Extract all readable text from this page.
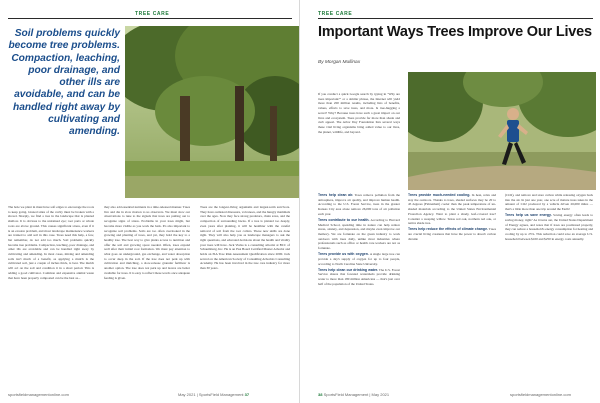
TREE CARE
Soil problems quickly become tree problems. Compaction, leaching, poor drainage, and other ills are avoidable, and can be handled right away by cultivating and amending.

The hole we plant in must have soft edges to encourage the roots to keep going. Glazed sides of the cavity must be broken with a shovel. Sharply, we find a tree in the landscape that is planted shallow. It is obvious to the untrained eye; root parts or whole roots are above ground. This causes significant stress, even if it is an erosion problem, and most landscape maintenance workers are trained to add soil in this case. Trees need this help, a few, but remember, do not add too much. Soil problems quickly become tree problems. Compaction, leaching, poor drainage, and other ills are avoidable and can be handled right away by cultivating and amending. In most cases, mixing and amending soils isn't much of a benefit, as applying a mulch is the cultivated soil, just a couple of inches thick, is best. The mulch will act on the soil and condition it in a short period. This is adding a good cultivator. Common and expensive animal waste that have been properly composted can be the best as...

they also add essential nutrients in a time-released manner. Trees live and die in slow motion to us observers. We must slow our observations to tune to the signals that trees are putting out to recognize signs of stress. Problems in your trees might, but become more visible as you work the bark. It's also important to recognize soil problems. Soils are too often overlooked in the growing and planting of trees, and yet, they hold the key to a healthy tree. The best way to give plants access to nutrition and offer the soil and growing space needed. Often, trees expand well after their initial root formation. We must pay attention to what goes on underground, gas exchange, and water absorption to occur deep in the soil. If the tree does not perk up with cultivation and mulching, a slow-release granular fertilizer is another option. The tree does not perk up and leaves are better available for trees. It is easy to reflect these words once adequate feeding is given.

Trees are the longest-living organisms and largest-term survivors. They have outlasted dinosaurs, volcanoes, and the hungry mammals over the ages. Now they face strong predators, chain saws, and the compaction of surrounding lawns. If a tree is planted too deeply, even years after planting, it will be healthier with the careful removal of soil from the root collars. These new skills are done right. They will also help you as landscape managers to ask the right questions, and educated decisions about the health and vitality your trees will have. Jack Vialas is a consulting arborist at BCC of Schaumburg, Inc. He is an ISA Board Certified Master Arborist and holds an ISA Tree Risk Assessment Qualification since 2000. Jack served on the American Society of Consulting Arborists Consulting Academy. He has been involved in the tree care industry for more than 30 years.

sportsfieldmanagementonline.com	May 2021 | SportsField Management 37
TREE CARE
Important Ways Trees Improve Our Lives
By Morgan Mullinax

If you conduct a quick Google search by typing in "Why are trees important?" or a similar phrase, the Internet will yield more than 200 million results, including lists of benefits, values, efforts to save trees, and more. Is tree-hugging a secret? Why? Because trees have such a great impact on our lives and ecosystem. Trees provide far more than shade and curb appeal. The Arbor Day Foundation lists several ways these vital living organisms bring added value to our lives, the planet, wildlife, and beyond.

Trees help clean air. Trees remove pollution from the atmosphere, improve air quality, and improve human health. According to the U.S. Forest Service, trees in the greater Kansas City area alone remove 26,000 tons of air pollution each year.

Trees contribute to our health. According to Harvard Medical School, spending time in nature can help reduce stress, anxiety, and depression, and maybe even improve our memory. We are fortunate on the green industry to work outdoors with trees daily, unlike most industries where professionals such as office or health care workers are not as fortunate.

Trees provide us with oxygen. A single large tree can provide a day's supply of oxygen for up to four people, according to North Carolina State University.

Trees help clean our drinking water. The U.S. Forest Service shares that forested watersheds provide drinking water to more than 180 million Americans — that's just over half of the population of the United States.

Trees provide much-needed cooling. In heat, relax and stay the outdoors. Thanks to trees, shaded surfaces may be 20 to 45 degrees (Fahrenheit) cooler than the peak temperature of un-shaded materials according to the United States Environmental Protection Agency. Want to plant a shady, leaf-covered tree? Consider a weeping willow. Texas red oak, northern red oak, or native shade tree.

Trees help reduce the effects of climate change. Trees are crucial living creatures that have the power to absorb carbon dioxide

(CO2), and remove and store carbon while releasing oxygen back into the air. In just one year, one acre of mature trees takes in the amount of CO2 produced by a vehicle driven 26,000 miles — that's a little more than one trip around the Earth!

Trees help us save energy. Saving energy often leads to saving money, right? As it turns out, the United States Department of Energy agrees, and notes that if trees are positioned properly, they can reduce a household's energy consumption for heating and cooling by up to 25%. This reduction could save an average U.S. household between $100 and $250 in energy costs annually.

38 SportsField Management | May 2021	sportsfieldmanagementonline.com
